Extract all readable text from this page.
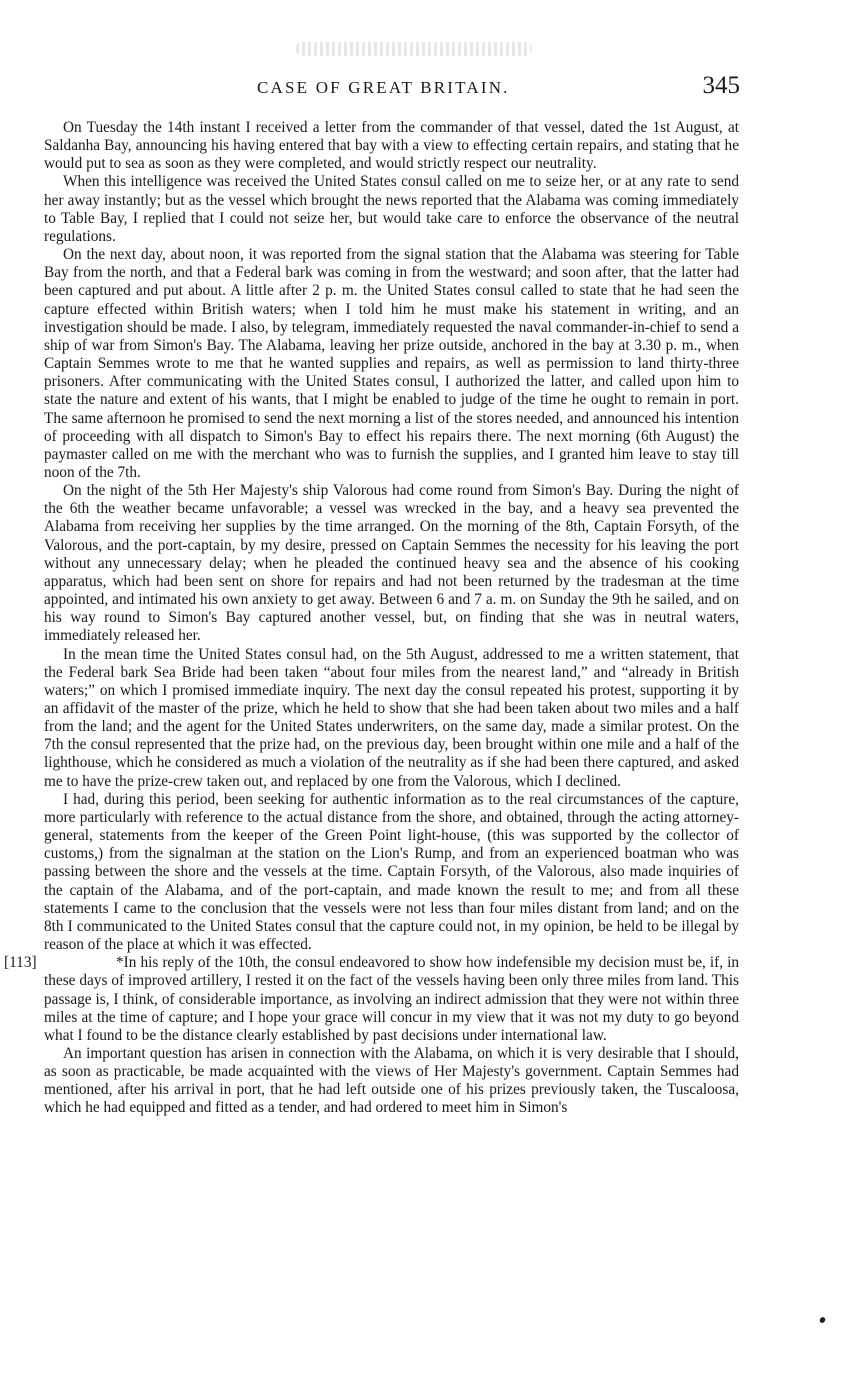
CASE OF GREAT BRITAIN.	345

On Tuesday the 14th instant I received a letter from the commander of that vessel, dated the 1st August, at Saldanha Bay, announcing his having entered that bay with a view to effecting certain repairs, and stating that he would put to sea as soon as they were completed, and would strictly respect our neutrality.

When this intelligence was received the United States consul called on me to seize her, or at any rate to send her away instantly; but as the vessel which brought the news reported that the Alabama was coming immediately to Table Bay, I replied that I could not seize her, but would take care to enforce the observance of the neutral regulations.

On the next day, about noon, it was reported from the signal station that the Alabama was steering for Table Bay from the north, and that a Federal bark was coming in from the westward; and soon after, that the latter had been captured and put about. A little after 2 p. m. the United States consul called to state that he had seen the capture effected within British waters; when I told him he must make his statement in writing, and an investigation should be made. I also, by telegram, immediately requested the naval commander-in-chief to send a ship of war from Simon's Bay. The Alabama, leaving her prize outside, anchored in the bay at 3.30 p. m., when Captain Semmes wrote to me that he wanted supplies and repairs, as well as permission to land thirty-three prisoners. After communicating with the United States consul, I authorized the latter, and called upon him to state the nature and extent of his wants, that I might be enabled to judge of the time he ought to remain in port. The same afternoon he promised to send the next morning a list of the stores needed, and announced his intention of proceeding with all dispatch to Simon's Bay to effect his repairs there. The next morning (6th August) the paymaster called on me with the merchant who was to furnish the supplies, and I granted him leave to stay till noon of the 7th.

On the night of the 5th Her Majesty's ship Valorous had come round from Simon's Bay. During the night of the 6th the weather became unfavorable; a vessel was wrecked in the bay, and a heavy sea prevented the Alabama from receiving her supplies by the time arranged. On the morning of the 8th, Captain Forsyth, of the Valorous, and the port-captain, by my desire, pressed on Captain Semmes the necessity for his leaving the port without any unnecessary delay; when he pleaded the continued heavy sea and the absence of his cooking apparatus, which had been sent on shore for repairs and had not been returned by the tradesman at the time appointed, and intimated his own anxiety to get away. Between 6 and 7 a. m. on Sunday the 9th he sailed, and on his way round to Simon's Bay captured another vessel, but, on finding that she was in neutral waters, immediately released her.

In the mean time the United States consul had, on the 5th August, addressed to me a written statement, that the Federal bark Sea Bride had been taken “about four miles from the nearest land,” and “already in British waters;” on which I promised immediate inquiry. The next day the consul repeated his protest, supporting it by an affidavit of the master of the prize, which he held to show that she had been taken about two miles and a half from the land; and the agent for the United States underwriters, on the same day, made a similar protest. On the 7th the consul represented that the prize had, on the previous day, been brought within one mile and a half of the lighthouse, which he considered as much a violation of the neutrality as if she had been there captured, and asked me to have the prize-crew taken out, and replaced by one from the Valorous, which I declined.

I had, during this period, been seeking for authentic information as to the real circumstances of the capture, more particularly with reference to the actual distance from the shore, and obtained, through the acting attorney-general, statements from the keeper of the Green Point light-house, (this was supported by the collector of customs,) from the signalman at the station on the Lion's Rump, and from an experienced boatman who was passing between the shore and the vessels at the time. Captain Forsyth, of the Valorous, also made inquiries of the captain of the Alabama, and of the port-captain, and made known the result to me; and from all these statements I came to the conclusion that the vessels were not less than four miles distant from land; and on the 8th I communicated to the United States consul that the capture could not, in my opinion, be held to be illegal by reason of the place at which it was effected.

[113]	*In his reply of the 10th, the consul endeavored to show how indefensible my decision must be, if, in these days of improved artillery, I rested it on the fact of the vessels having been only three miles from land. This passage is, I think, of considerable importance, as involving an indirect admission that they were not within three miles at the time of capture; and I hope your grace will concur in my view that it was not my duty to go beyond what I found to be the distance clearly established by past decisions under international law.

An important question has arisen in connection with the Alabama, on which it is very desirable that I should, as soon as practicable, be made acquainted with the views of Her Majesty's government. Captain Semmes had mentioned, after his arrival in port, that he had left outside one of his prizes previously taken, the Tuscaloosa, which he had equipped and fitted as a tender, and had ordered to meet him in Simon's
